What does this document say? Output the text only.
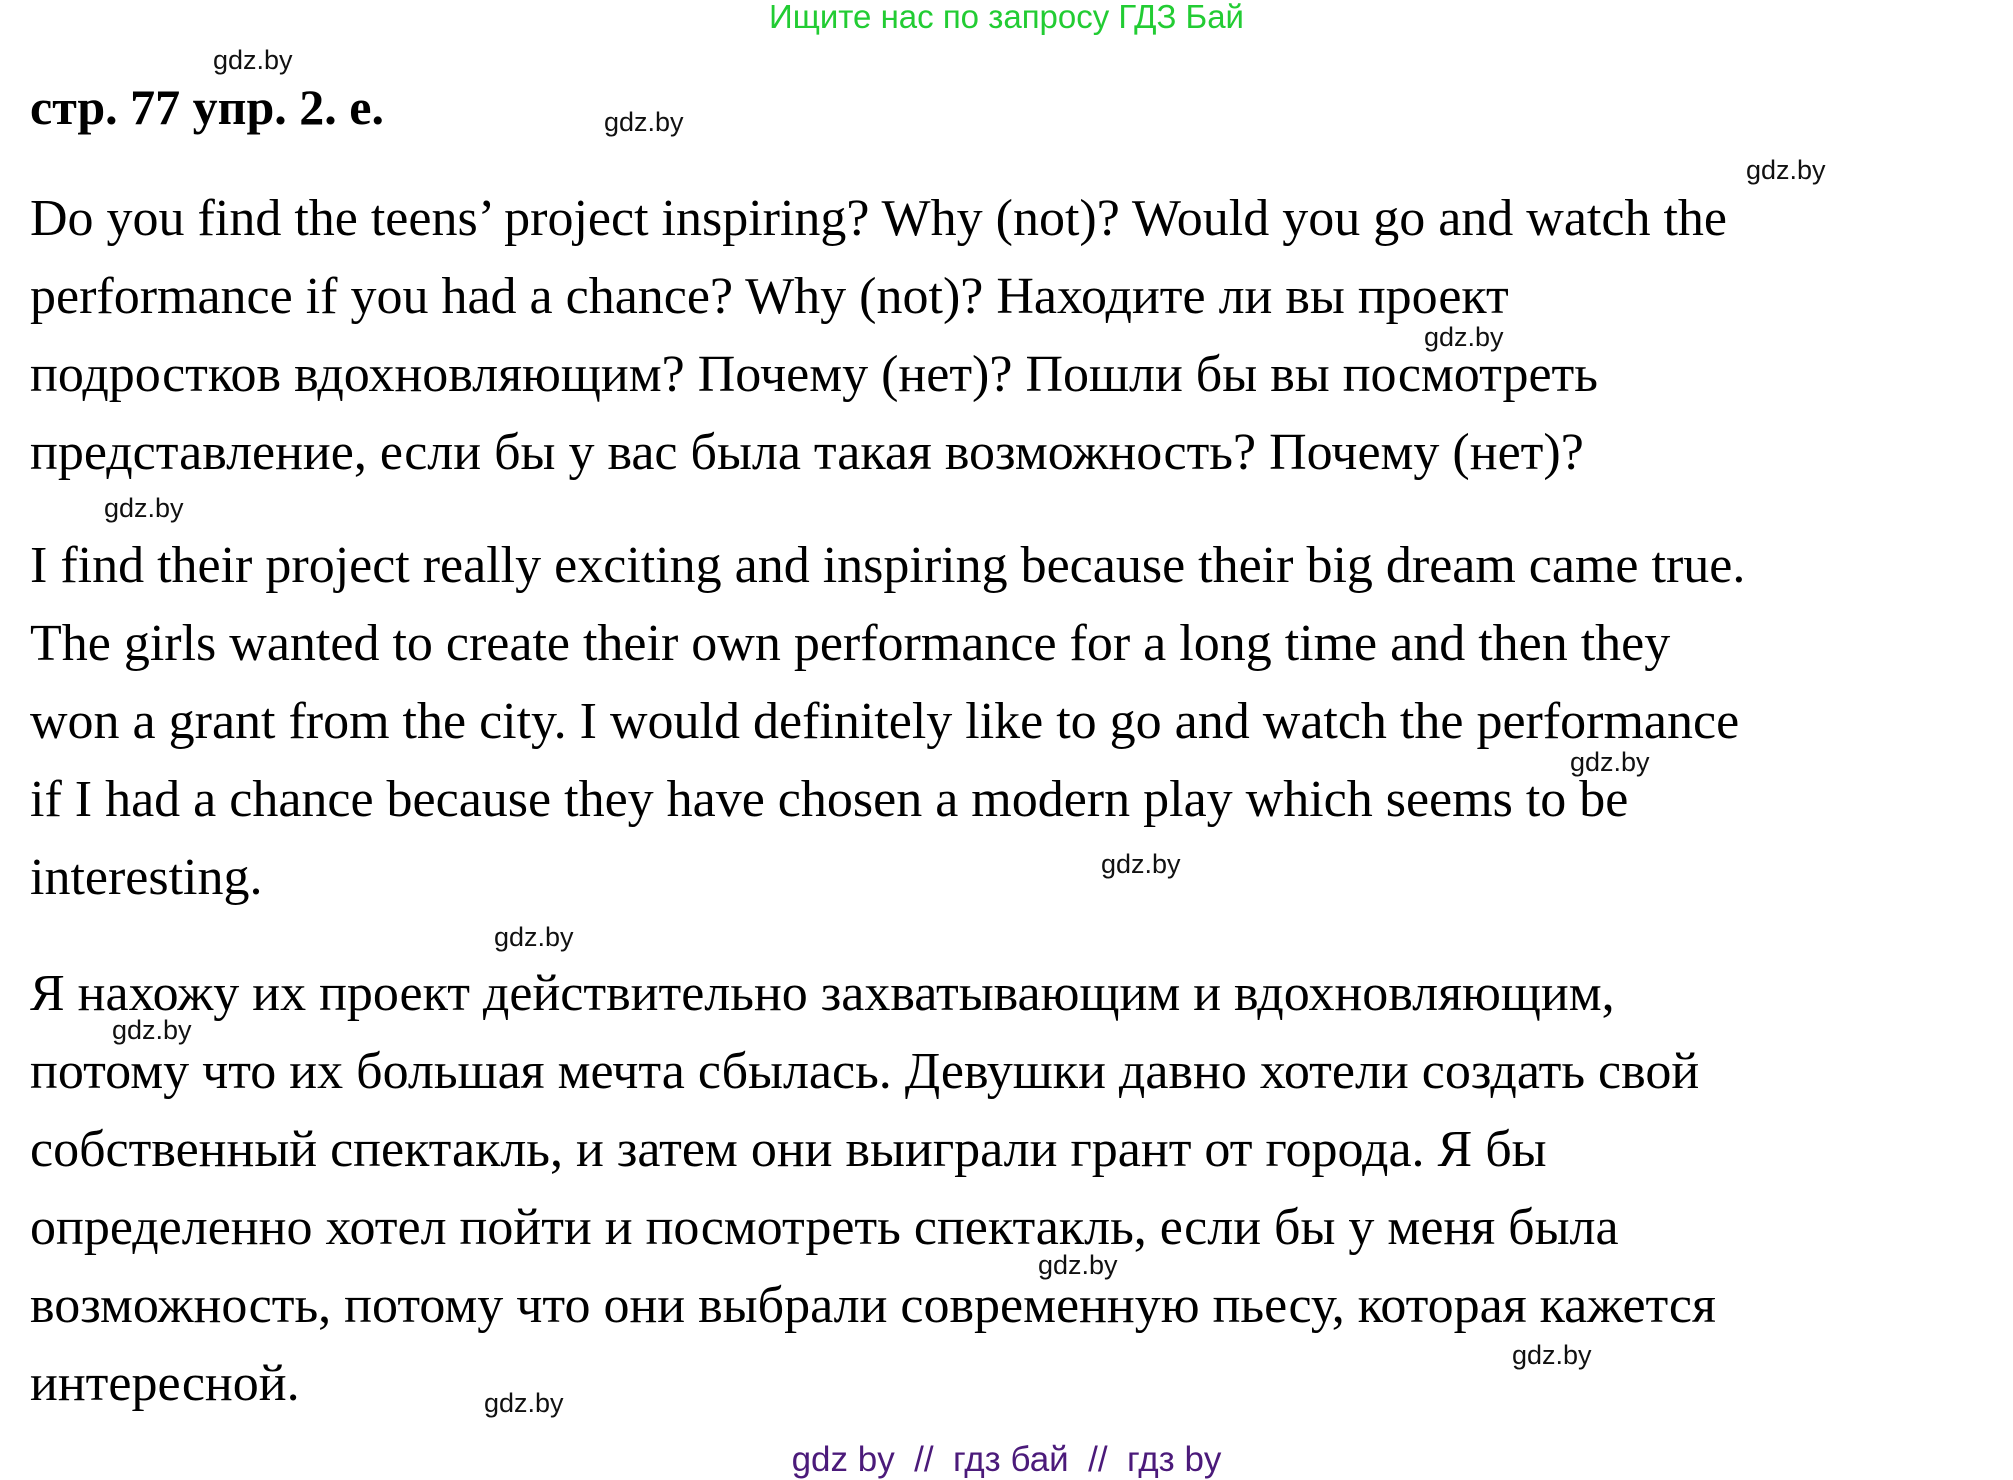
Ищите нас по запросу ГДЗ Бай
стр. 77 упр. 2. е.
Do you find the teens’ project inspiring? Why (not)? Would you go and watch the
performance if you had a chance? Why (not)? Находите ли вы проект
подростков вдохновляющим? Почему (нет)? Пошли бы вы посмотреть
представление, если бы у вас была такая возможность? Почему (нет)?
I find their project really exciting and inspiring because their big dream came true.
The girls wanted to create their own performance for a long time and then they
won a grant from the city. I would definitely like to go and watch the performance
if I had a chance because they have chosen a modern play which seems to be
interesting.
Я нахожу их проект действительно захватывающим и вдохновляющим,
потому что их большая мечта сбылась. Девушки давно хотели создать свой
собственный спектакль, и затем они выиграли грант от города. Я бы
определенно хотел пойти и посмотреть спектакль, если бы у меня была
возможность, потому что они выбрали современную пьесу, которая кажется
интересной.
gdz.by
gdz.by
gdz.by
gdz.by
gdz.by
gdz.by
gdz.by
gdz.by
gdz.by
gdz.by
gdz.by
gdz.by
gdz by  //  гдз бай  //  гдз by
